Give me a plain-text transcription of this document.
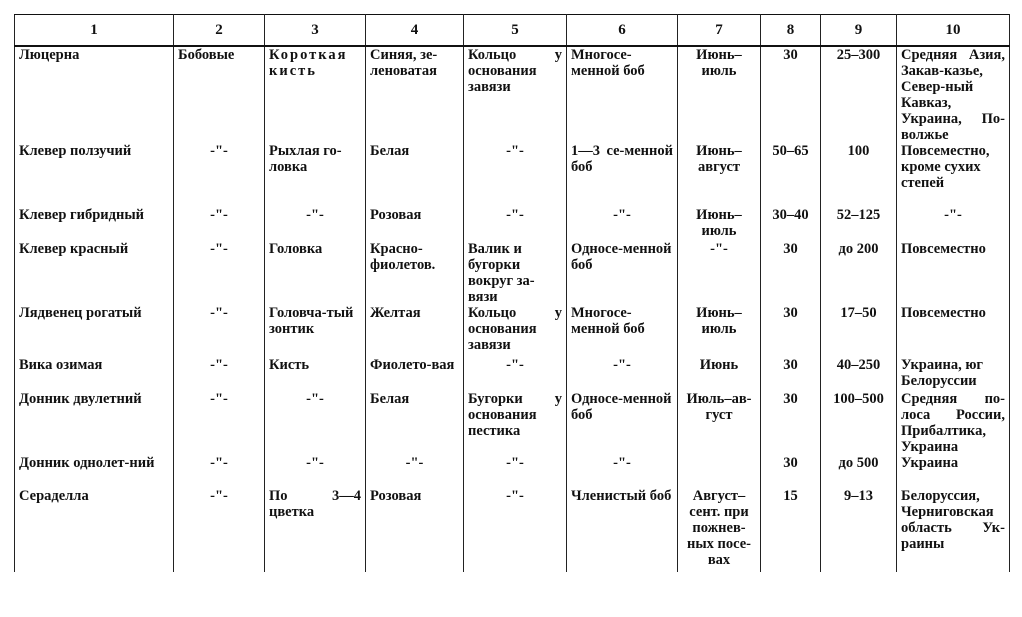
1	2	3	4	5	6	7	8	9	10
Люцерна	Бобовые	Короткая кисть	Синяя, зе-леноватая	Кольцо у основания завязи	Многосе-менной боб	Июнь–июль	30	25–300	Средняя Азия, Закав-казье, Север-ный Кавказ, Украина, По-волжье
Клевер ползучий	-"-	Рыхлая го-ловка	Белая	-"-	1—3 се-менной боб	Июнь–август	50–65	100	Повсеместно, кроме сухих степей
Клевер гибридный	-"-	-"-	Розовая	-"-	-"-	Июнь–июль	30–40	52–125	-"-
Клевер красный	-"-	Головка	Красно-фиолетов.	Валик и бугорки вокруг за-вязи	Односе-менной боб	-"-	30	до 200	Повсеместно
Лядвенец рогатый	-"-	Головча-тый зонтик	Желтая	Кольцо у основания завязи	Многосе-менной боб	Июнь–июль	30	17–50	Повсеместно
Вика озимая	-"-	Кисть	Фиолето-вая	-"-	-"-	Июнь	30	40–250	Украина, юг Белоруссии
Донник двулетний	-"-	-"-	Белая	Бугорки у основания пестика	Односе-менной боб	Июль–ав-густ	30	100–500	Средняя по-лоса России, Прибалтика, Украина
Донник однолет-ний	-"-	-"-	-"-	-"-	-"-		30	до 500	Украина
Сераделла	-"-	По 3—4 цветка	Розовая	-"-	Членистый боб	Август–сент. при пожнев-ных посе-вах	15	9–13	Белоруссия, Черниговская область Ук-раины
